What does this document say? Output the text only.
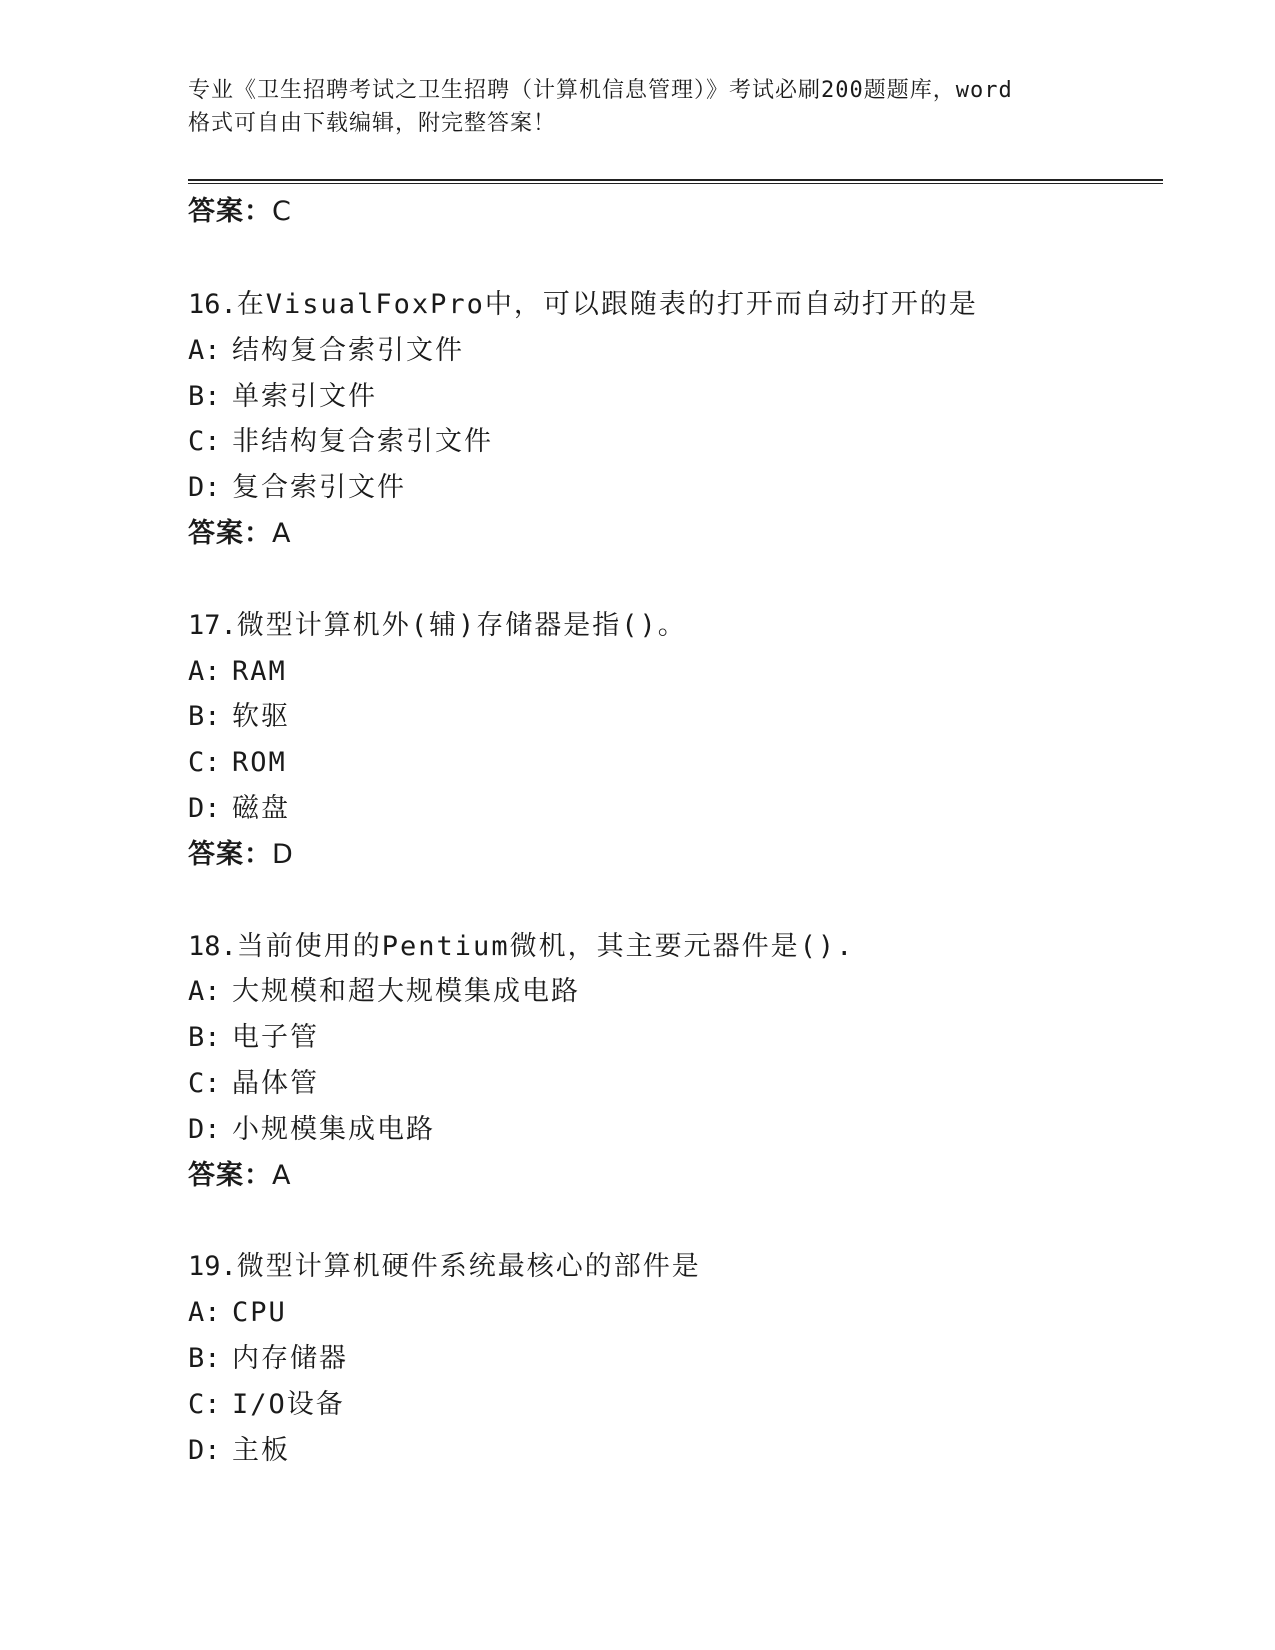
专业《卫生招聘考试之卫生招聘（计算机信息管理）》考试必刷200题题库，word
格式可自由下载编辑，附完整答案！
答案：C
16.在VisualFoxPro中，可以跟随表的打开而自动打开的是
A: 结构复合索引文件
B: 单索引文件
C: 非结构复合索引文件
D: 复合索引文件
答案：A
17.微型计算机外(辅)存储器是指()。
A: RAM
B: 软驱
C: ROM
D: 磁盘
答案：D
18.当前使用的Pentium微机，其主要元器件是().
A: 大规模和超大规模集成电路
B: 电子管
C: 晶体管
D: 小规模集成电路
答案：A
19.微型计算机硬件系统最核心的部件是
A: CPU
B: 内存储器
C: I/O设备
D: 主板
